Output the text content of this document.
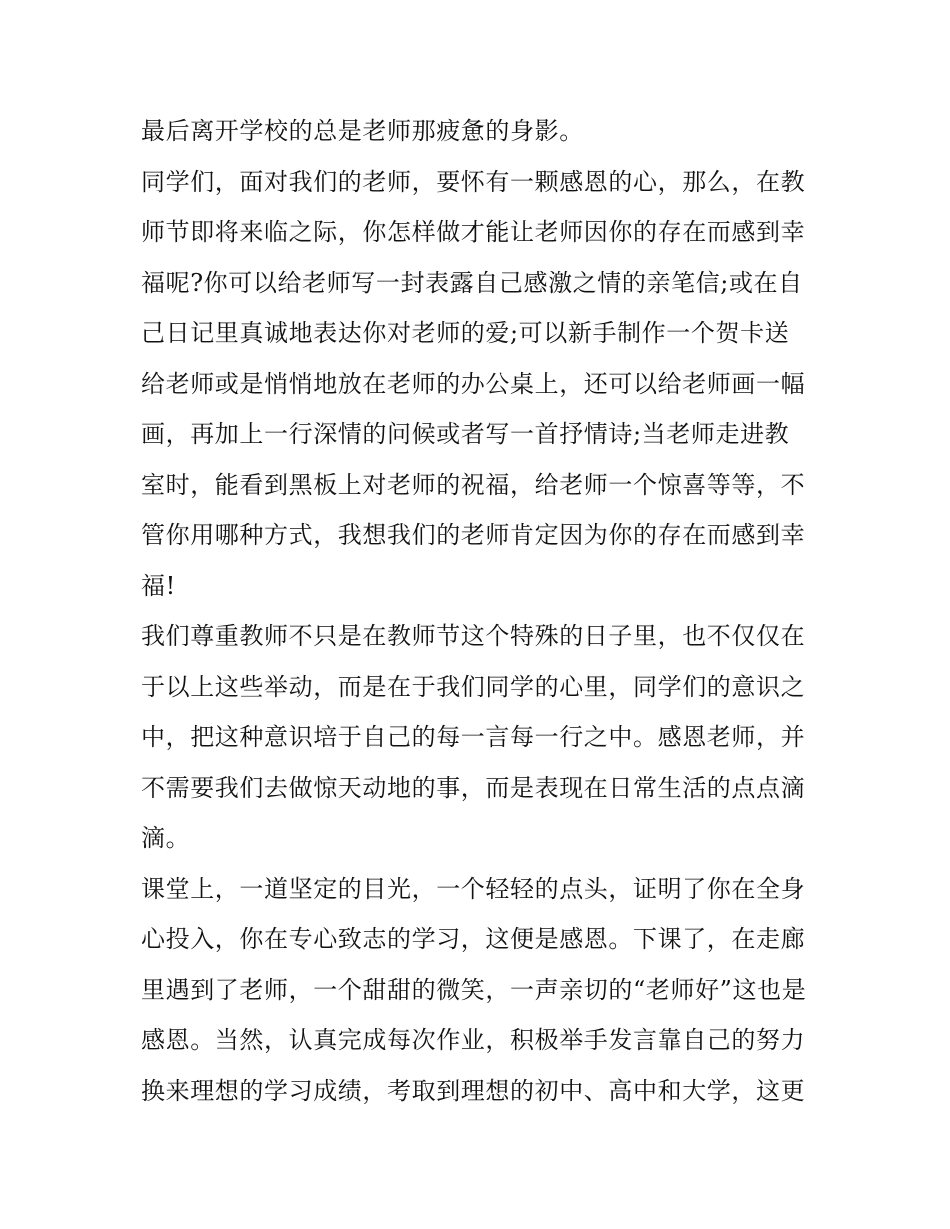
最后离开学校的总是老师那疲惫的身影。
同学们，面对我们的老师，要怀有一颗感恩的心，那么，在教
师节即将来临之际，你怎样做才能让老师因你的存在而感到幸
福呢?你可以给老师写一封表露自己感激之情的亲笔信;或在自
己日记里真诚地表达你对老师的爱;可以新手制作一个贺卡送
给老师或是悄悄地放在老师的办公桌上，还可以给老师画一幅
画，再加上一行深情的问候或者写一首抒情诗;当老师走进教
室时，能看到黑板上对老师的祝福，给老师一个惊喜等等，不
管你用哪种方式，我想我们的老师肯定因为你的存在而感到幸
福!
我们尊重教师不只是在教师节这个特殊的日子里，也不仅仅在
于以上这些举动，而是在于我们同学的心里，同学们的意识之
中，把这种意识培于自己的每一言每一行之中。感恩老师，并
不需要我们去做惊天动地的事，而是表现在日常生活的点点滴
滴。
课堂上，一道坚定的目光，一个轻轻的点头，证明了你在全身
心投入，你在专心致志的学习，这便是感恩。下课了，在走廊
里遇到了老师，一个甜甜的微笑，一声亲切的“老师好”这也是
感恩。当然，认真完成每次作业，积极举手发言靠自己的努力
换来理想的学习成绩，考取到理想的初中、高中和大学，这更
